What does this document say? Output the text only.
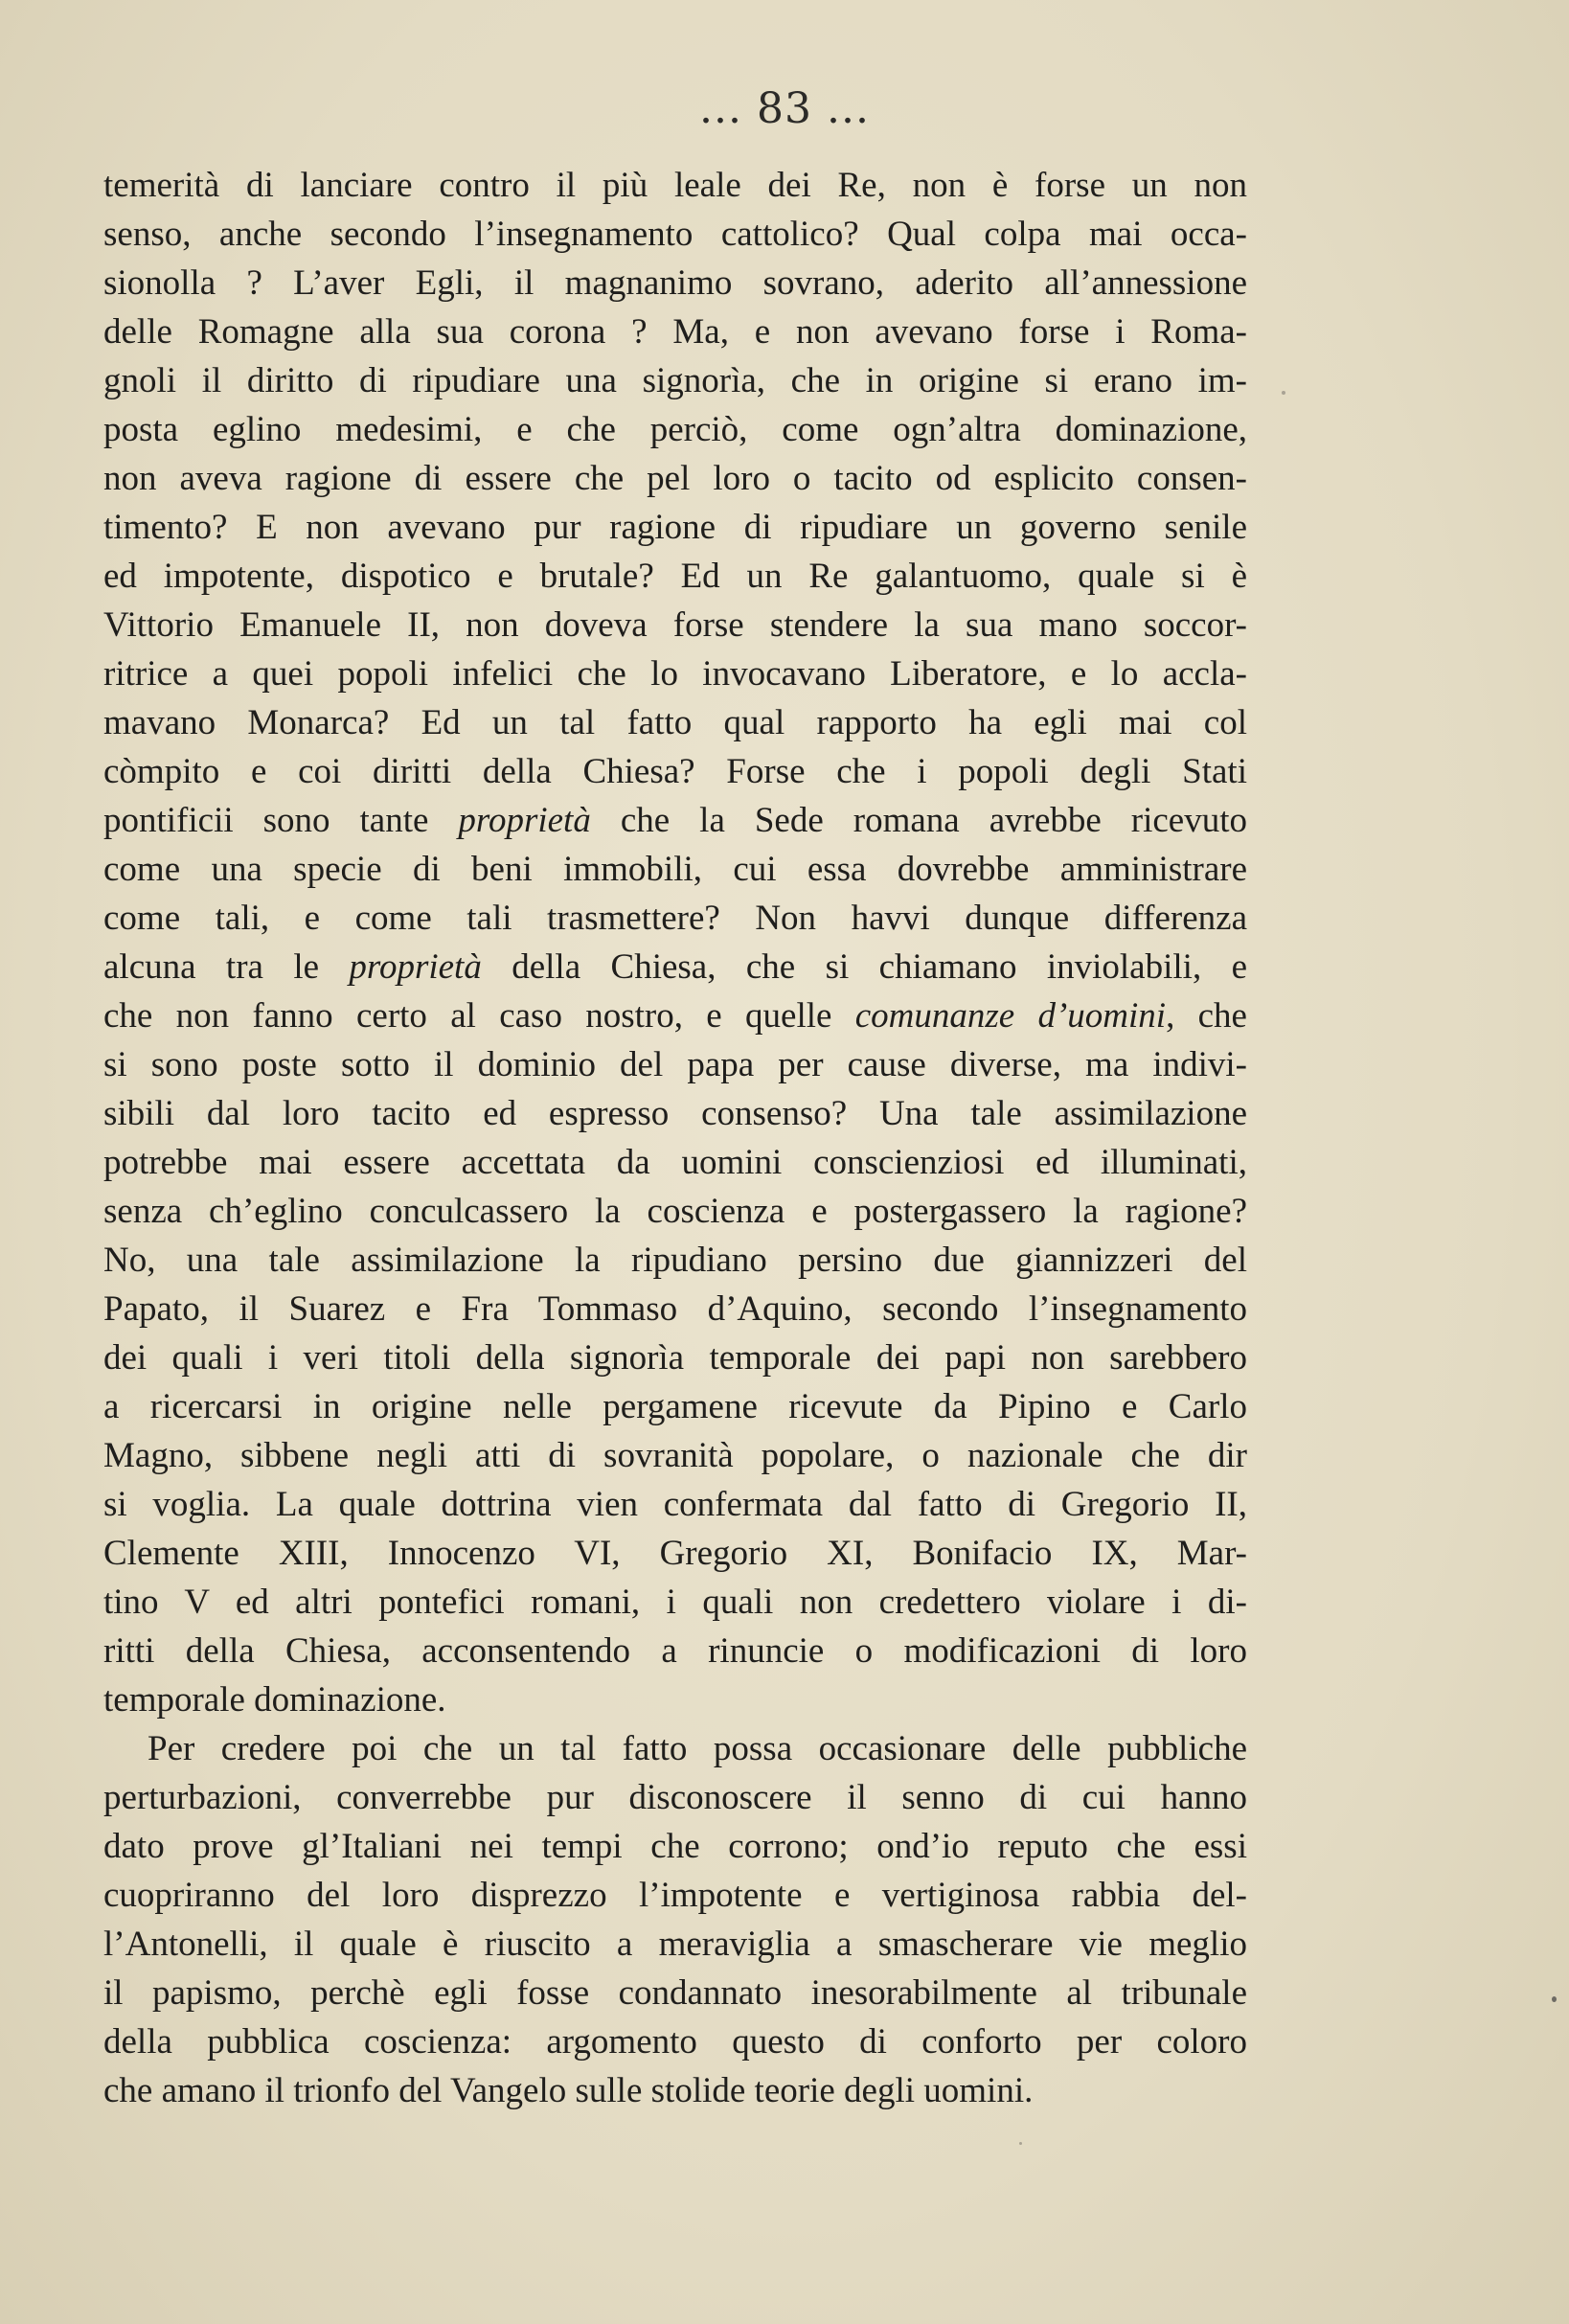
... 83 ...
temerità di lanciare contro il più leale dei Re, non è forse un non
senso, anche secondo l’insegnamento cattolico? Qual colpa mai occa-
sionolla ? L’aver Egli, il magnanimo sovrano, aderito all’annessione
delle Romagne alla sua corona ? Ma, e non avevano forse i Roma-
gnoli il diritto di ripudiare una signorìa, che in origine si erano im-
posta eglino medesimi, e che perciò, come ogn’altra dominazione,
non aveva ragione di essere che pel loro o tacito od esplicito consen-
timento? E non avevano pur ragione di ripudiare un governo senile
ed impotente, dispotico e brutale? Ed un Re galantuomo, quale si è
Vittorio Emanuele II, non doveva forse stendere la sua mano soccor-
ritrice a quei popoli infelici che lo invocavano Liberatore, e lo accla-
mavano Monarca? Ed un tal fatto qual rapporto ha egli mai col
còmpito e coi diritti della Chiesa? Forse che i popoli degli Stati
pontificii sono tante proprietà che la Sede romana avrebbe ricevuto
come una specie di beni immobili, cui essa dovrebbe amministrare
come tali, e come tali trasmettere? Non havvi dunque differenza
alcuna tra le proprietà della Chiesa, che si chiamano inviolabili, e
che non fanno certo al caso nostro, e quelle comunanze d’uomini, che
si sono poste sotto il dominio del papa per cause diverse, ma indivi-
sibili dal loro tacito ed espresso consenso? Una tale assimilazione
potrebbe mai essere accettata da uomini conscienziosi ed illuminati,
senza ch’eglino conculcassero la coscienza e postergassero la ragione?
No, una tale assimilazione la ripudiano persino due giannizzeri del
Papato, il Suarez e Fra Tommaso d’Aquino, secondo l’insegnamento
dei quali i veri titoli della signorìa temporale dei papi non sarebbero
a ricercarsi in origine nelle pergamene ricevute da Pipino e Carlo
Magno, sibbene negli atti di sovranità popolare, o nazionale che dir
si voglia. La quale dottrina vien confermata dal fatto di Gregorio II,
Clemente XIII, Innocenzo VI, Gregorio XI, Bonifacio IX, Mar-
tino V ed altri pontefici romani, i quali non credettero violare i di-
ritti della Chiesa, acconsentendo a rinuncie o modificazioni di loro
temporale dominazione.
Per credere poi che un tal fatto possa occasionare delle pubbliche
perturbazioni, converrebbe pur disconoscere il senno di cui hanno
dato prove gl’Italiani nei tempi che corrono; ond’io reputo che essi
cuopriranno del loro disprezzo l’impotente e vertiginosa rabbia del-
l’Antonelli, il quale è riuscito a meraviglia a smascherare vie meglio
il papismo, perchè egli fosse condannato inesorabilmente al tribunale
della pubblica coscienza: argomento questo di conforto per coloro
che amano il trionfo del Vangelo sulle stolide teorie degli uomini.
